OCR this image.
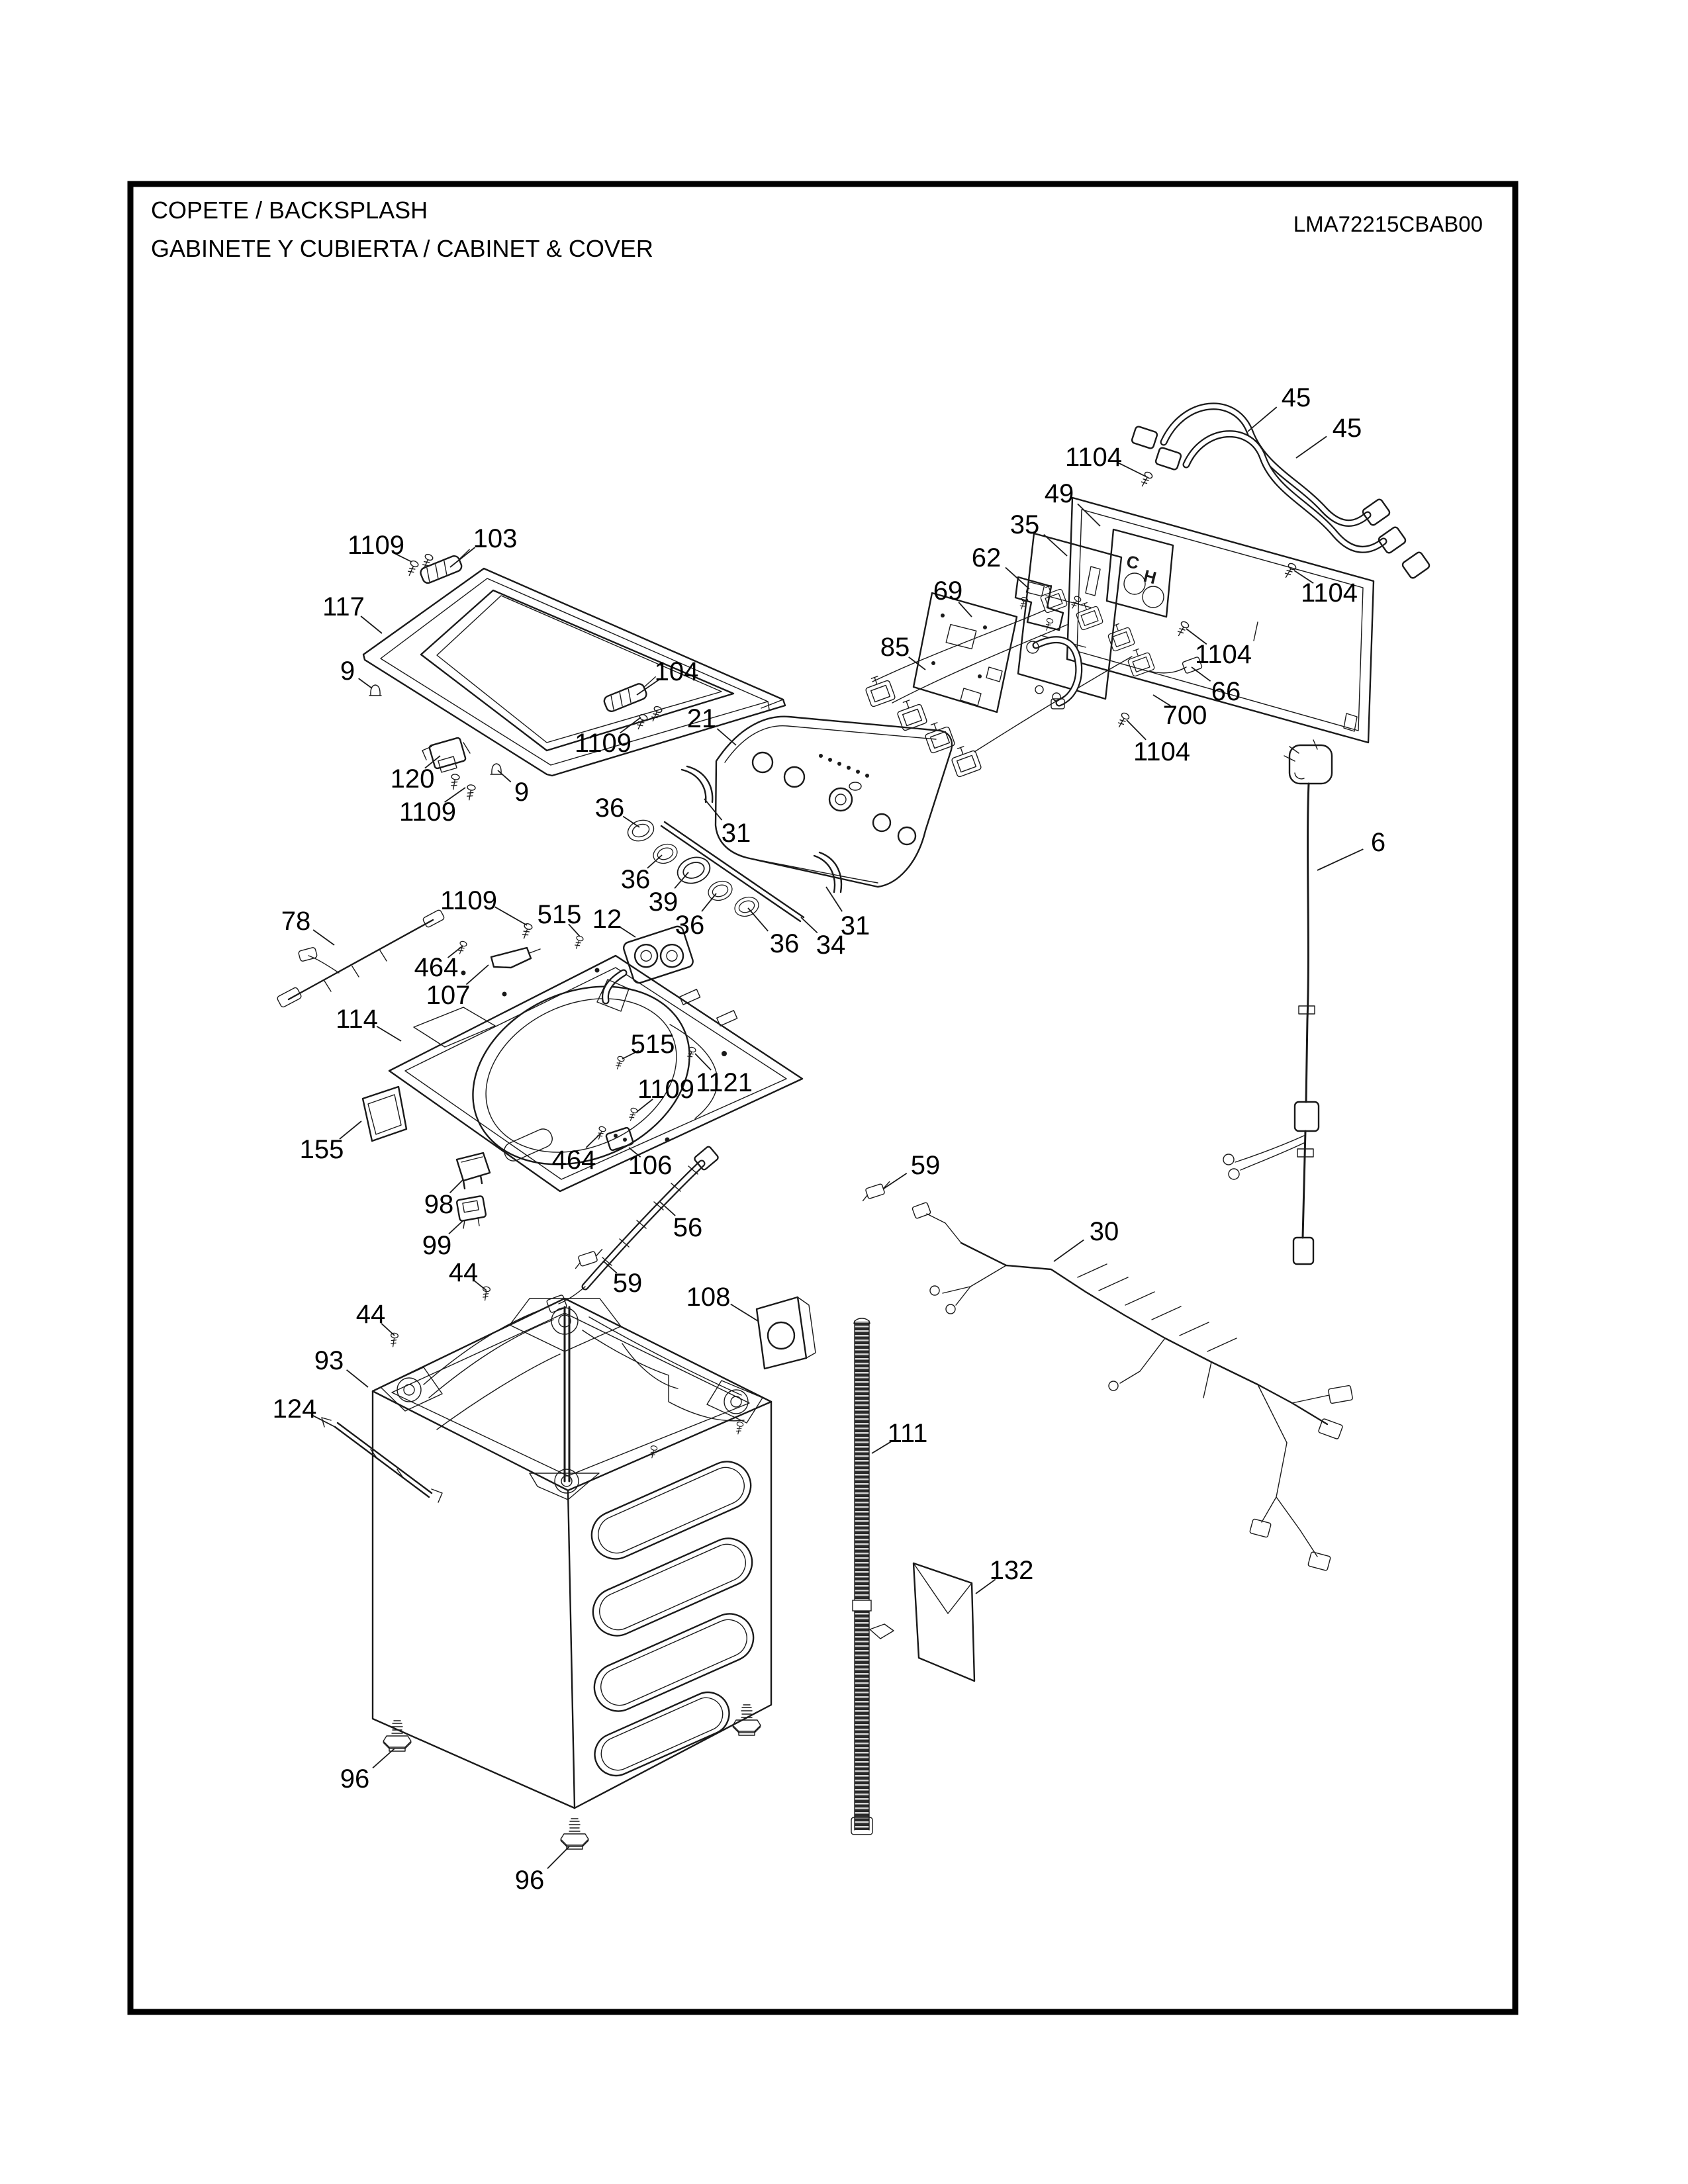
COPETE / BACKSPLASH
GABINETE Y CUBIERTA / CABINET & COVER
LMA72215CBAB00
C
H
45
45
1104
49
35
62
69
85
1104
1104
66
700
1104
6
1109	103
117
9	104
1109
120	9
1109
21
36
31
36
39
36
36 34
31
1109 515 12
78
464
107
114
155
515
1121
1109
464 106
98
99
44
56
59
59
108
30
44
93
124
96
96
111
132
